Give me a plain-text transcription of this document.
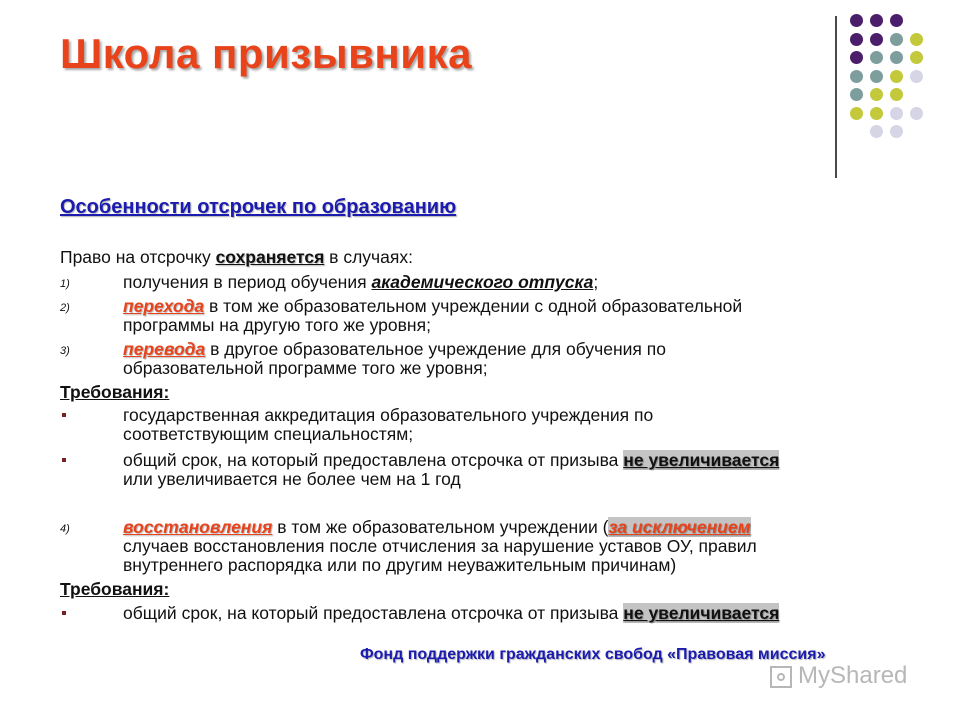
Школа призывника
Особенности отсрочек по образованию
Право на отсрочку сохраняется в случаях:
1)	получения в период обучения академического отпуска;
2)	перехода в том же образовательном учреждении с одной образовательной
программы на другую того же уровня;
3)	перевода в другое образовательное учреждение для обучения по
образовательной программе того же уровня;
Требования:
государственная аккредитация образовательного учреждения по
соответствующим специальностям;
общий срок, на который предоставлена отсрочка от призыва не увеличивается
или увеличивается не более чем на 1 год
4)	восстановления в том же образовательном учреждении (за исключением
случаев восстановления после отчисления за нарушение уставов ОУ, правил
внутреннего распорядка или по другим неуважительным причинам)
Требования:
общий срок, на который предоставлена отсрочка от призыва не увеличивается
Фонд поддержки гражданских свобод «Правовая миссия»
MyShared
